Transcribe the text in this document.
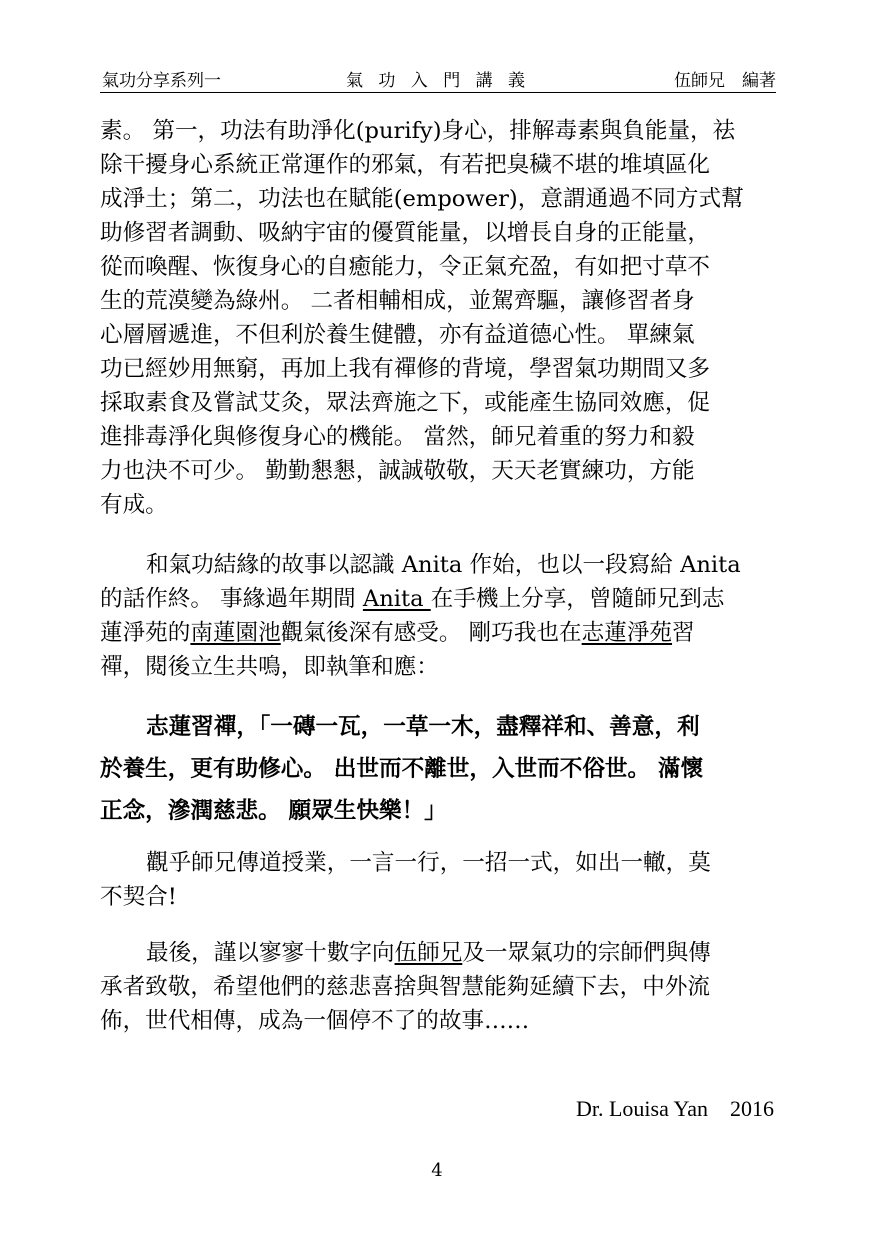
氣功分享系列一	氣 功 入 門 講 義	伍師兄　編著
素。 第一，功法有助淨化(purify)身心，排解毒素與負能量，祛
除干擾身心系統正常運作的邪氣，有若把臭穢不堪的堆填區化
成淨土；第二，功法也在賦能(empower)，意謂通過不同方式幫
助修習者調動、吸納宇宙的優質能量，以增長自身的正能量，
從而喚醒、恢復身心的自癒能力，令正氣充盈，有如把寸草不
生的荒漠變為綠州。 二者相輔相成，並駕齊驅，讓修習者身
心層層遞進，不但利於養生健體，亦有益道德心性。 單練氣
功已經妙用無窮，再加上我有禪修的背境，學習氣功期間又多
採取素食及嘗試艾灸，眾法齊施之下，或能產生協同效應，促
進排毒淨化與修復身心的機能。 當然，師兄着重的努力和毅
力也決不可少。 勤勤懇懇，誠誠敬敬，天天老實練功，方能
有成。
和氣功結緣的故事以認識 Anita 作始，也以一段寫給 Anita
的話作終。 事緣過年期間 Anita 在手機上分享，曾隨師兄到志
蓮淨苑的南蓮園池觀氣後深有感受。 剛巧我也在志蓮淨苑習
禪，閱後立生共鳴，即執筆和應：
志蓮習禪，「一磚一瓦，一草一木，盡釋祥和、善意，利
於養生，更有助修心。 出世而不離世，入世而不俗世。 滿懷
正念，滲潤慈悲。 願眾生快樂！」
觀乎師兄傳道授業，一言一行，一招一式，如出一轍，莫
不契合!
最後，謹以寥寥十數字向伍師兄及一眾氣功的宗師們與傳
承者致敬，希望他們的慈悲喜捨與智慧能夠延續下去，中外流
佈，世代相傳，成為一個停不了的故事……
Dr. Louisa Yan　2016
4
